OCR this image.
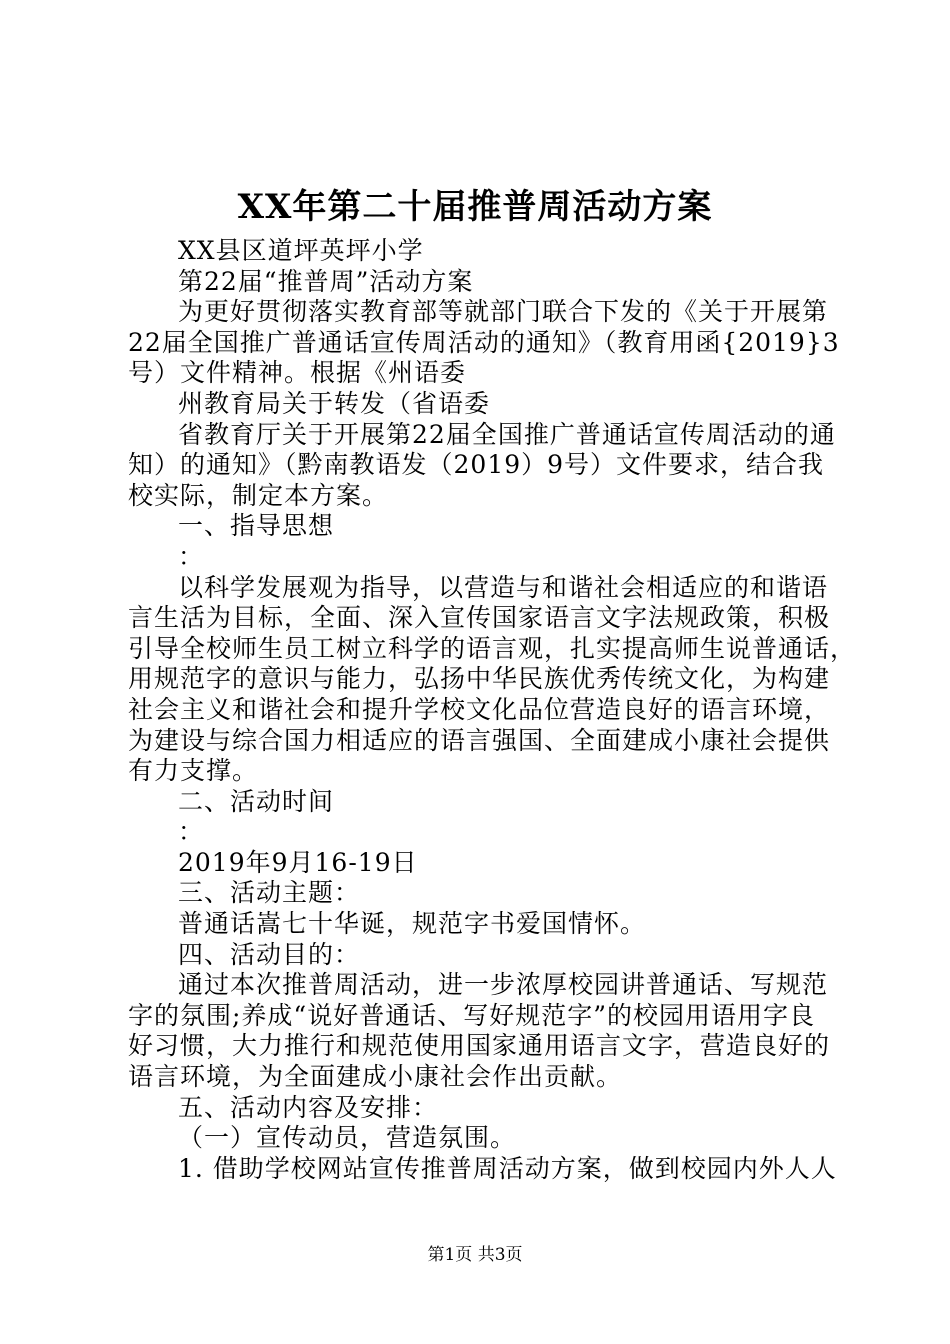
XX年第二十届推普周活动方案
XX县区道坪英坪小学
第22届“推普周”活动方案
为更好贯彻落实教育部等就部门联合下发的《关于开展第
22届全国推广普通话宣传周活动的通知》（教育用函{2019}3
号）文件精神。根据《州语委
州教育局关于转发（省语委
省教育厅关于开展第22届全国推广普通话宣传周活动的通
知）的通知》（黔南教语发（2019）9号）文件要求，结合我
校实际，制定本方案。
一、指导思想
：
以科学发展观为指导，以营造与和谐社会相适应的和谐语
言生活为目标，全面、深入宣传国家语言文字法规政策，积极
引导全校师生员工树立科学的语言观，扎实提高师生说普通话，
用规范字的意识与能力，弘扬中华民族优秀传统文化，为构建
社会主义和谐社会和提升学校文化品位营造良好的语言环境，
为建设与综合国力相适应的语言强国、全面建成小康社会提供
有力支撑。
二、活动时间
：
2019年9月16-19日
三、活动主题：
普通话嵩七十华诞，规范字书爱国情怀。
四、活动目的：
通过本次推普周活动，进一步浓厚校园讲普通话、写规范
字的氛围;养成“说好普通话、写好规范字”的校园用语用字良
好习惯，大力推行和规范使用国家通用语言文字，营造良好的
语言环境，为全面建成小康社会作出贡献。
五、活动内容及安排：
（一）宣传动员，营造氛围。
1. 借助学校网站宣传推普周活动方案，做到校园内外人人
第1页 共3页
